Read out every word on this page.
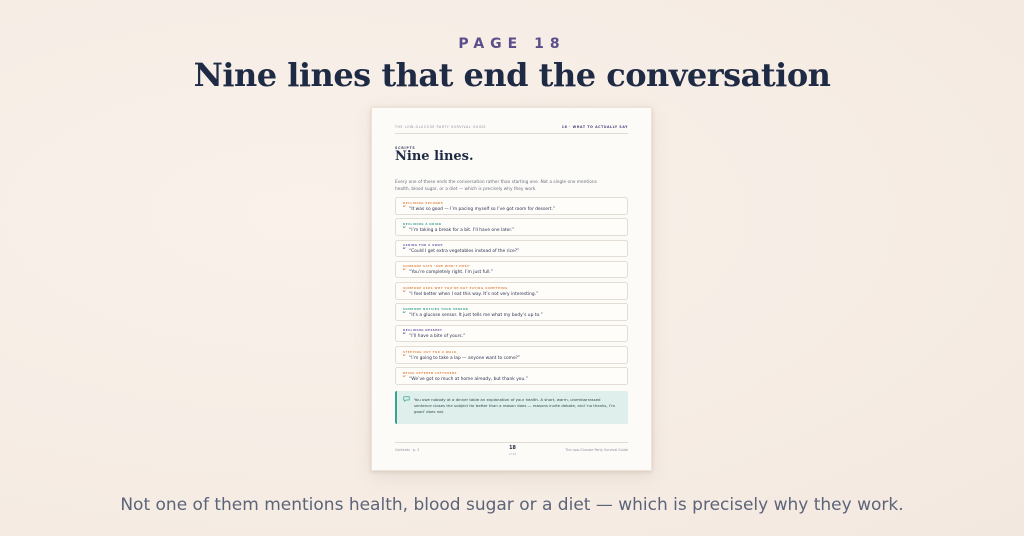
PAGE 18
Nine lines that end the conversation
THE LOW-GLUCOSE PARTY SURVIVAL GUIDE	18 · WHAT TO ACTUALLY SAY
SCRIPTS
Nine lines.
Every one of these ends the conversation rather than starting one. Not a single one mentions health, blood sugar, or a diet — which is precisely why they work.
DECLINING SECONDS
“ “It was so good — I’m pacing myself so I’ve got room for dessert.”
DECLINING A DRINK
“ “I’m taking a break for a bit. I’ll have one later.”
ASKING FOR A SWAP
“ “Could I get extra vegetables instead of the rice?”
SOMEONE SAYS ‘ONE WON’T HURT’
“ “You’re completely right. I’m just full.”
SOMEONE ASKS WHY YOU’RE NOT EATING SOMETHING
“ “I feel better when I eat this way. It’s not very interesting.”
SOMEONE NOTICES YOUR SENSOR
“ “It’s a glucose sensor. It just tells me what my body’s up to.”
DECLINING DESSERT
“ “I’ll have a bite of yours.”
STEPPING OUT FOR A WALK
“ “I’m going to take a lap — anyone want to come?”
BEING OFFERED LEFTOVERS
“ “We’ve got so much at home already, but thank you.”
You owe nobody at a dinner table an explanation of your health. A short, warm, unembarrassed sentence closes the subject far better than a reason does — reasons invite debate, and ‘no thanks, I’m good’ does not.
Contents · p. 3	18
of 24
The Low-Glucose Party Survival Guide
Not one of them mentions health, blood sugar or a diet — which is precisely why they work.
